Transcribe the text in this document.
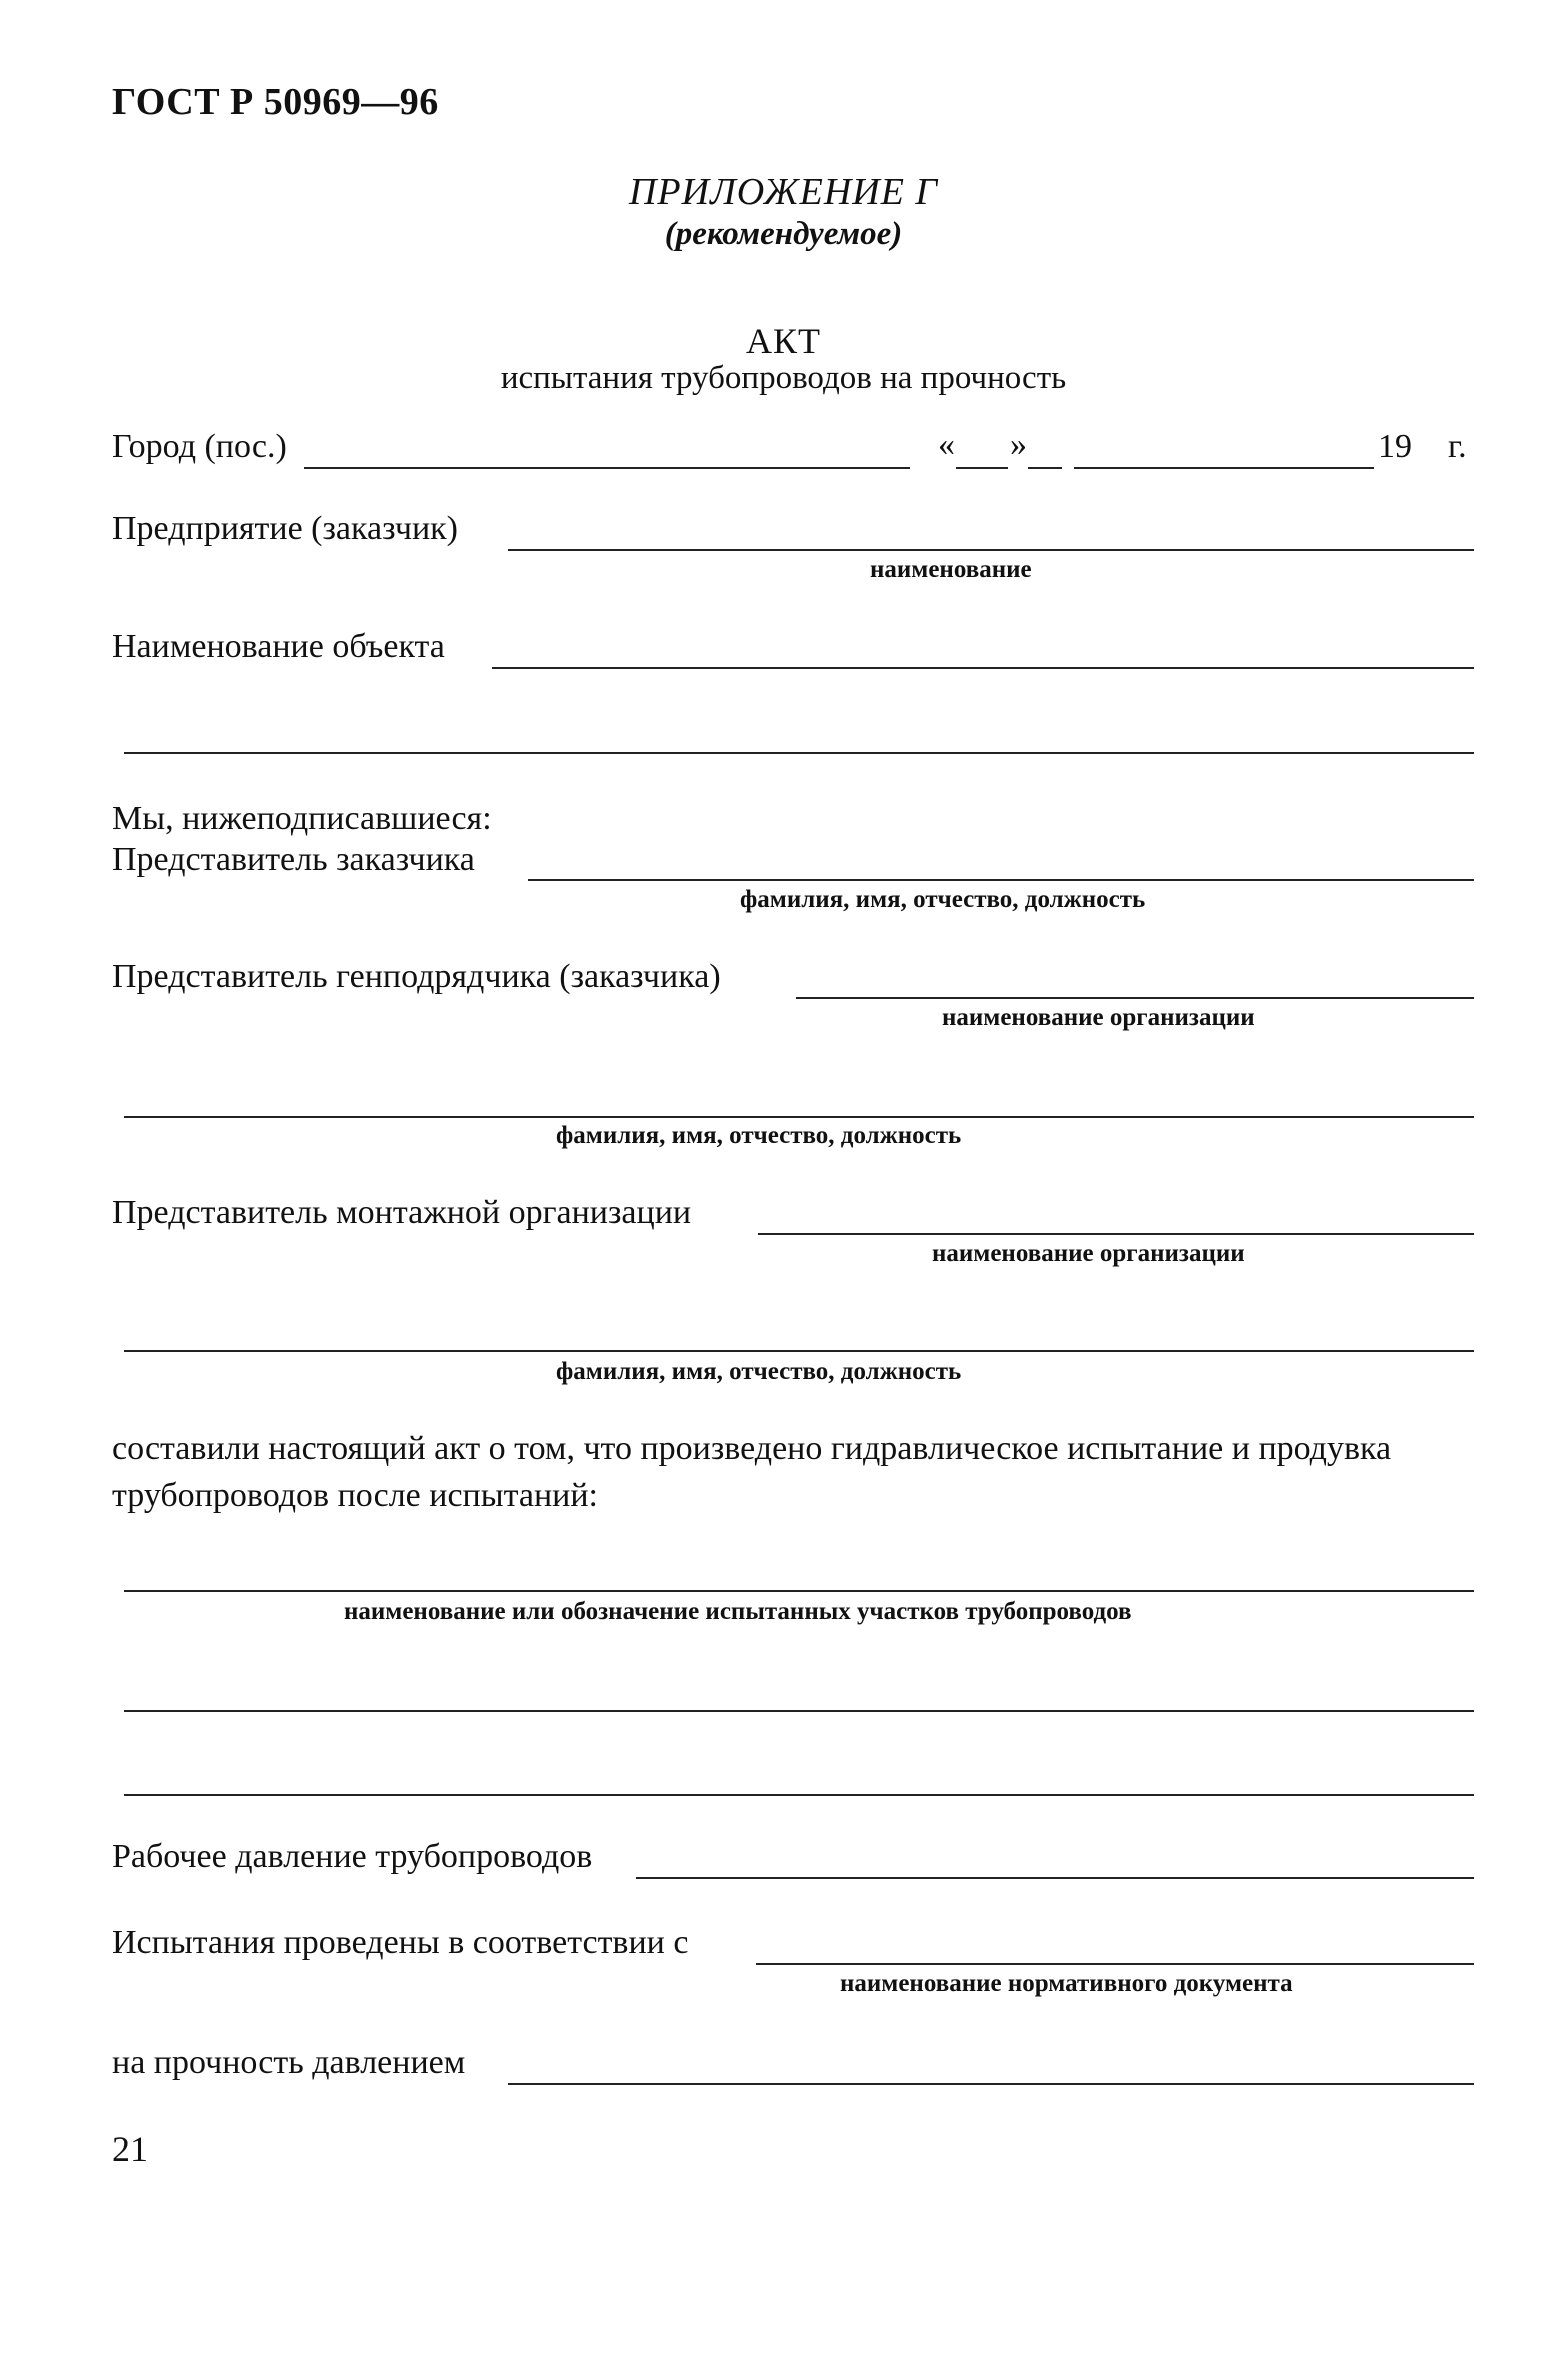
ГОСТ Р 50969—96
ПРИЛОЖЕНИЕ Г
(рекомендуемое)
АКТ
испытания трубопроводов на прочность
Город (пос.)	« »	19 г.
Предприятие (заказчик)
наименование
Наименование объекта
Мы, нижеподписавшиеся:
Представитель заказчика
фамилия, имя, отчество, должность
Представитель генподрядчика (заказчика)
наименование организации
фамилия, имя, отчество, должность
Представитель монтажной организации
наименование организации
фамилия, имя, отчество, должность
составили настоящий акт о том, что произведено гидравлическое испытание и продувка трубопроводов после испытаний:
наименование или обозначение испытанных участков трубопроводов
Рабочее давление трубопроводов
Испытания проведены в соответствии с
наименование нормативного документа
на прочность давлением
21
